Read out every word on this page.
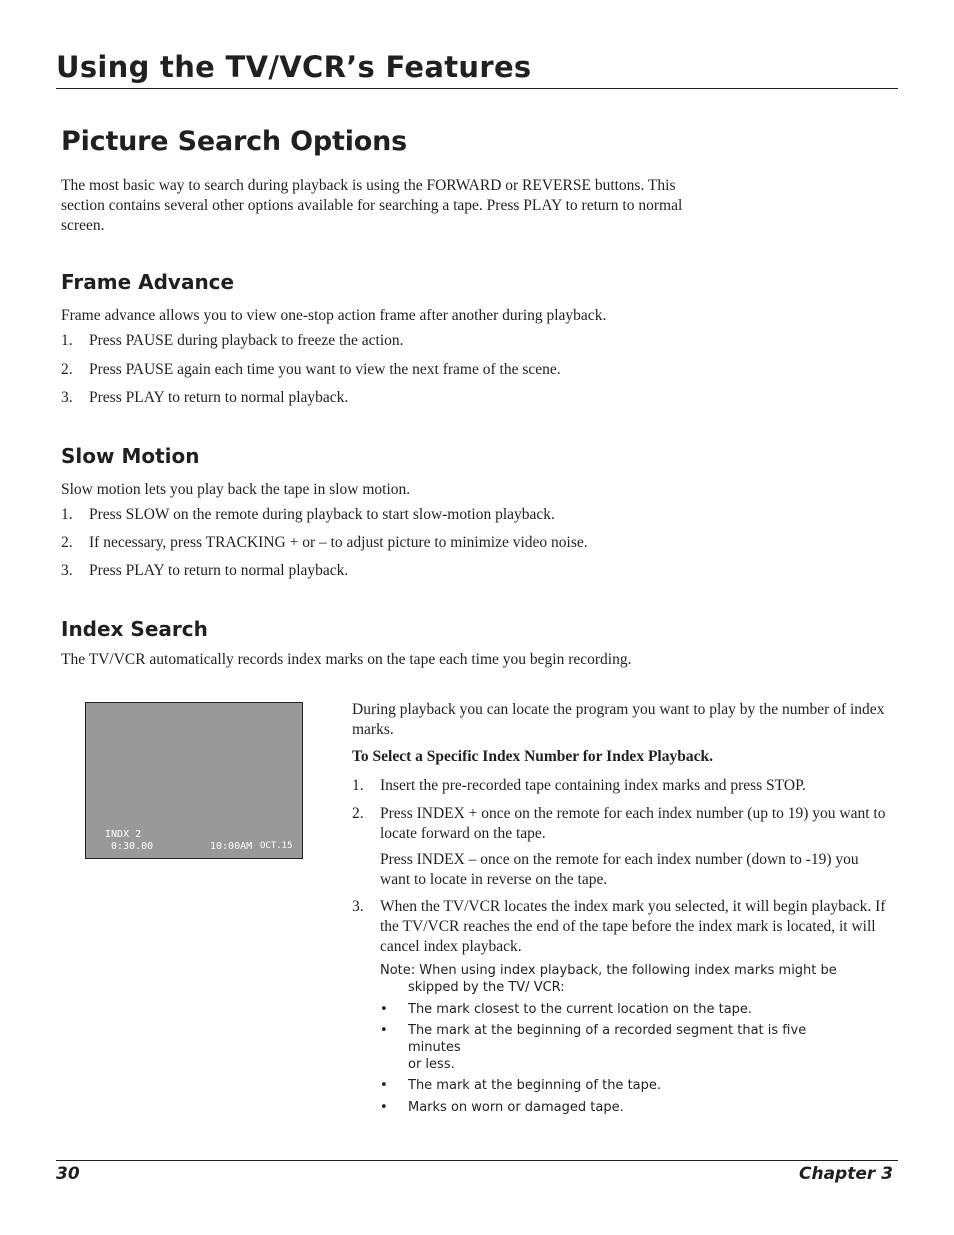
Using the TV/VCR’s Features
Picture Search Options

The most basic way to search during playback is using the FORWARD or REVERSE buttons. This section contains several other options available for searching a tape. Press PLAY to return to normal screen.

Frame Advance

Frame advance allows you to view one-stop action frame after another during playback.

1.	Press PAUSE during playback to freeze the action.
2.	Press PAUSE again each time you want to view the next frame of the scene.
3.	Press PLAY to return to normal playback.
Slow Motion

Slow motion lets you play back the tape in slow motion.

1.	Press SLOW on the remote during playback to start slow-motion playback.
2.	If necessary, press TRACKING + or – to adjust picture to minimize video noise.
3.	Press PLAY to return to normal playback.
Index Search

The TV/VCR automatically records index marks on the tape each time you begin recording.

INDX 2
0:30.00	10:00AM OCT.15

During playback you can locate the program you want to play by the number of index marks.

To Select a Specific Index Number for Index Playback.

1.	Insert the pre-recorded tape containing index marks and press STOP.
2.	Press INDEX + once on the remote for each index number (up to 19) you want to locate forward on the tape.
Press INDEX – once on the remote for each index number (down to -19) you want to locate in reverse on the tape.
3.	When the TV/VCR locates the index mark you selected, it will begin playback. If the TV/VCR reaches the end of the tape before the index mark is located, it will cancel index playback.

Note: When using index playback, the following index marks might be

skipped by the TV/ VCR:

•	The mark closest to the current location on the tape.
•	The mark at the beginning of a recorded segment that is five

minutes

or less.

•	The mark at the beginning of the tape.
•	Marks on worn or damaged tape.

30	Chapter 3
